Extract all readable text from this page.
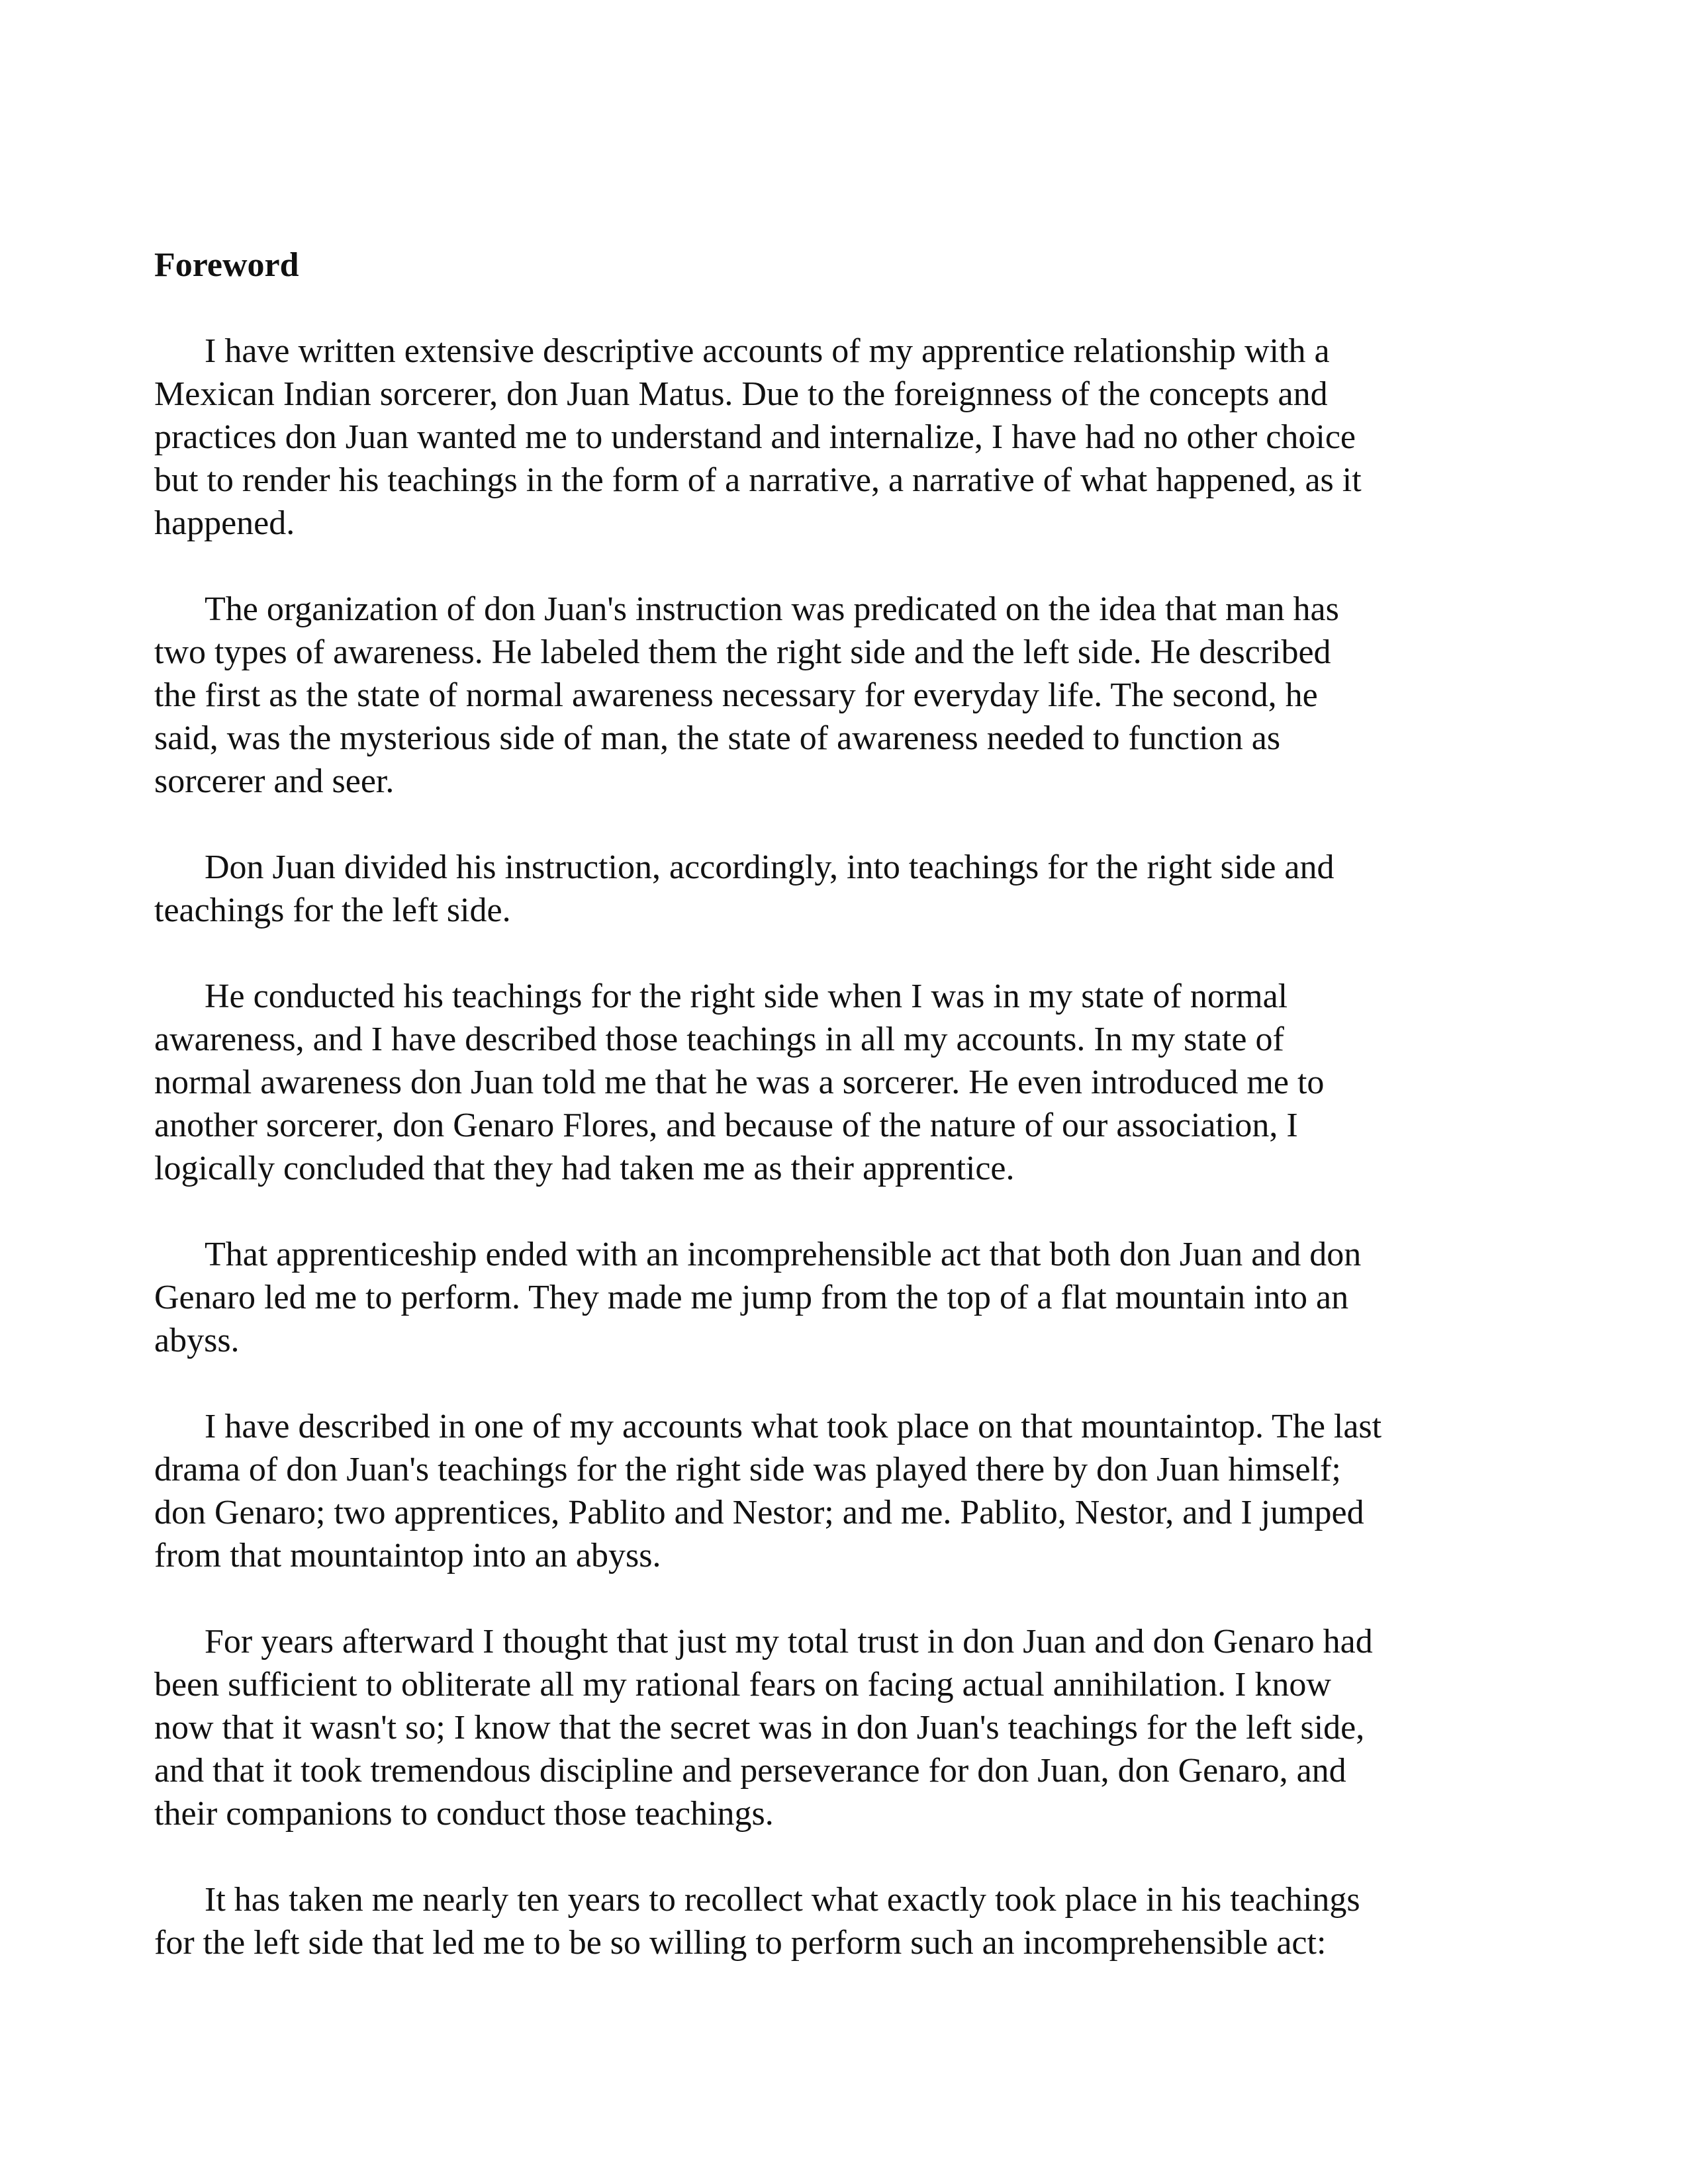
Foreword
I have written extensive descriptive accounts of my apprentice relationship with a
Mexican Indian sorcerer, don Juan Matus. Due to the foreignness of the concepts and
practices don Juan wanted me to understand and internalize, I have had no other choice
but to render his teachings in the form of a narrative, a narrative of what happened, as it
happened.
The organization of don Juan's instruction was predicated on the idea that man has
two types of awareness. He labeled them the right side and the left side. He described
the first as the state of normal awareness necessary for everyday life. The second, he
said, was the mysterious side of man, the state of awareness needed to function as
sorcerer and seer.
Don Juan divided his instruction, accordingly, into teachings for the right side and
teachings for the left side.
He conducted his teachings for the right side when I was in my state of normal
awareness, and I have described those teachings in all my accounts. In my state of
normal awareness don Juan told me that he was a sorcerer. He even introduced me to
another sorcerer, don Genaro Flores, and because of the nature of our association, I
logically concluded that they had taken me as their apprentice.
That apprenticeship ended with an incomprehensible act that both don Juan and don
Genaro led me to perform. They made me jump from the top of a flat mountain into an
abyss.
I have described in one of my accounts what took place on that mountaintop. The last
drama of don Juan's teachings for the right side was played there by don Juan himself;
don Genaro; two apprentices, Pablito and Nestor; and me. Pablito, Nestor, and I jumped
from that mountaintop into an abyss.
For years afterward I thought that just my total trust in don Juan and don Genaro had
been sufficient to obliterate all my rational fears on facing actual annihilation. I know
now that it wasn't so; I know that the secret was in don Juan's teachings for the left side,
and that it took tremendous discipline and perseverance for don Juan, don Genaro, and
their companions to conduct those teachings.
It has taken me nearly ten years to recollect what exactly took place in his teachings
for the left side that led me to be so willing to perform such an incomprehensible act:
